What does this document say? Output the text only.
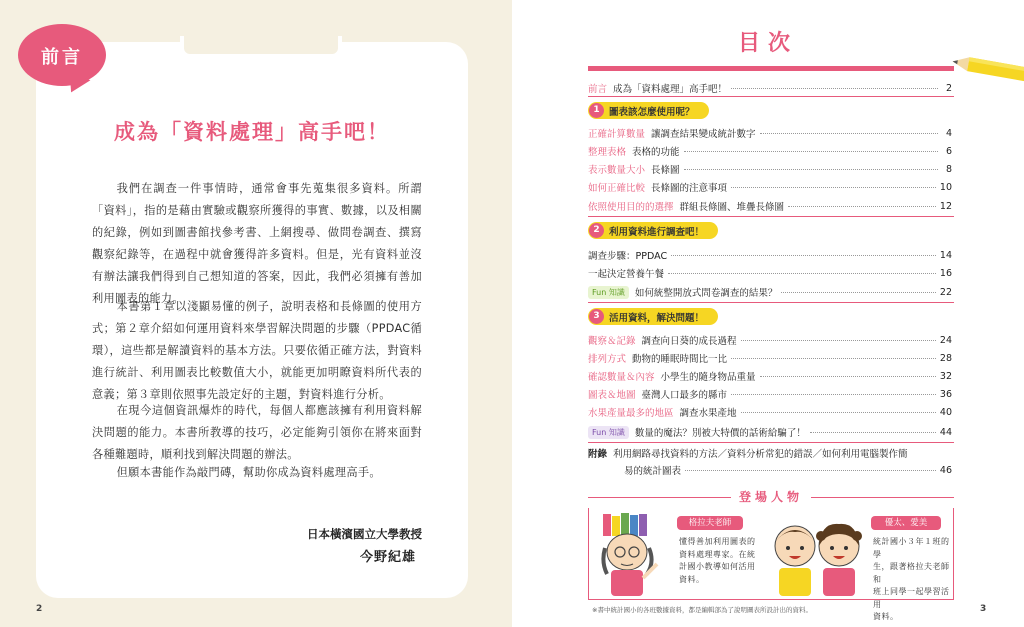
前言
成為「資料處理」高手吧！

我們在調查一件事情時，通常會事先蒐集很多資料。所謂「資料」，指的是藉由實驗或觀察所獲得的事實、數據，以及相關的紀錄，例如到圖書館找參考書、上網搜尋、做問卷調查、撰寫觀察紀錄等，在過程中就會獲得許多資料。但是，光有資料並沒有辦法讓我們得到自己想知道的答案，因此，我們必須擁有善加利用圖表的能力。

本書第１章以淺顯易懂的例子，說明表格和長條圖的使用方式；第２章介紹如何運用資料來學習解決問題的步驟（PPDAC循環），這些都是解讀資料的基本方法。只要依循正確方法，對資料進行統計、利用圖表比較數值大小，就能更加明瞭資料所代表的意義；第３章則依照事先設定好的主題，對資料進行分析。

在現今這個資訊爆炸的時代，每個人都應該擁有利用資料解決問題的能力。本書所教導的技巧，必定能夠引領你在將來面對各種難題時，順利找到解決問題的辦法。

但願本書能作為敲門磚，幫助你成為資料處理高手。

日本橫濱國立大學教授
今野紀雄
2
目次
前言 成為「資料處理」高手吧！	2
1 圖表該怎麼使用呢？
正確計算數量 讓調查結果變成統計數字	4
整理表格 表格的功能	6
表示數量大小 長條圖	8
如何正確比較 長條圖的注意事項	10
依照使用目的的選擇 群組長條圖、堆疊長條圖	12
2 利用資料進行調查吧！
調查步驟：PPDAC	14
一起決定營養午餐	16
Fun 知識	如何統整開放式問卷調查的結果？	22
3 活用資料，解決問題！
觀察＆記錄 調查向日葵的成長過程	24
排列方式 動物的睡眠時間比一比	28
確認數量＆內容 小學生的隨身物品重量	32
圖表＆地圖 臺灣人口最多的縣市	36
水果產量最多的地區 調查水果產地	40
Fun 知識	數量的魔法？別被大特價的話術給騙了！	44
附錄 利用網路尋找資料的方法／資料分析常犯的錯誤／如何利用電腦製作簡
易的統計圖表	46
登場人物
格拉夫老師
懂得善加利用圖表的
資料處理專家。在統
計國小教導如何活用
資料。
優太、愛美
統計國小３年１班的學
生，跟著格拉夫老師和
班上同學一起學習活用
資料。
※書中統計國小的各班數據資料，都是編輯部為了說明圖表所設計出的資料。	3
